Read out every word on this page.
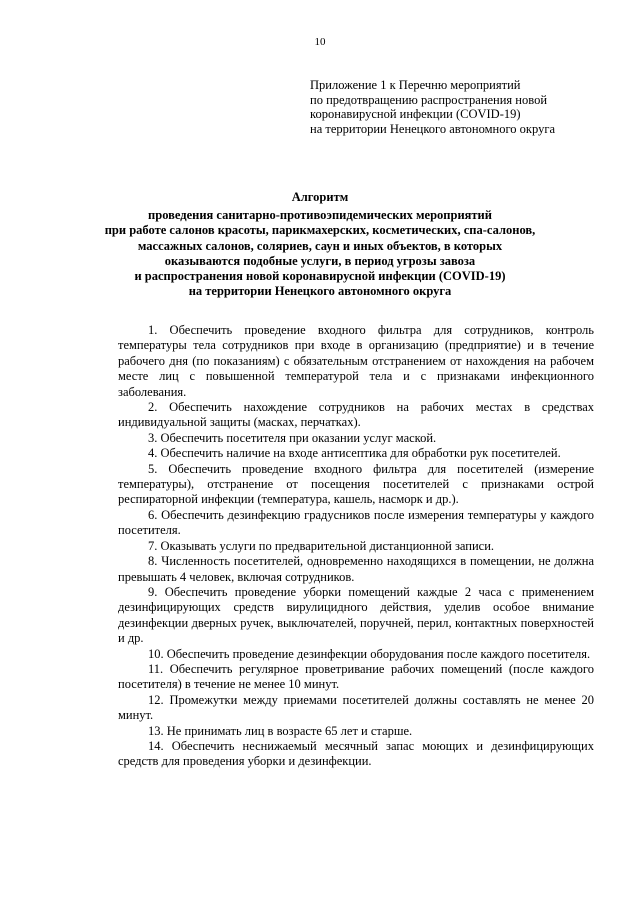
10
Приложение 1 к Перечню мероприятий
по предотвращению распространения новой
коронавирусной инфекции (COVID-19)
на территории Ненецкого автономного округа
Алгоритм
проведения санитарно-противоэпидемических мероприятий
при работе салонов красоты, парикмахерских, косметических, спа-салонов,
массажных салонов, соляриев, саун и иных объектов, в которых
оказываются подобные услуги, в период угрозы завоза
и распространения новой коронавирусной инфекции (COVID-19)
на территории Ненецкого автономного округа

1. Обеспечить проведение входного фильтра для сотрудников, контроль температуры тела сотрудников при входе в организацию (предприятие) и в течение рабочего дня (по показаниям) с обязательным отстранением от нахождения на рабочем месте лиц с повышенной температурой тела и с признаками инфекционного заболевания.

2. Обеспечить нахождение сотрудников на рабочих местах в средствах индивидуальной защиты (масках, перчатках).

3. Обеспечить посетителя при оказании услуг маской.

4. Обеспечить наличие на входе антисептика для обработки рук посетителей.

5. Обеспечить проведение входного фильтра для посетителей (измерение температуры), отстранение от посещения посетителей с признаками острой респираторной инфекции (температура, кашель, насморк и др.).

6. Обеспечить дезинфекцию градусников после измерения температуры у каждого посетителя.

7. Оказывать услуги по предварительной дистанционной записи.

8. Численность посетителей, одновременно находящихся в помещении, не должна превышать 4 человек, включая сотрудников.

9. Обеспечить проведение уборки помещений каждые 2 часа с применением дезинфицирующих средств вирулицидного действия, уделив особое внимание дезинфекции дверных ручек, выключателей, поручней, перил, контактных поверхностей и др.

10. Обеспечить проведение дезинфекции оборудования после каждого посетителя.

11. Обеспечить регулярное проветривание рабочих помещений (после каждого посетителя) в течение не менее 10 минут.

12. Промежутки между приемами посетителей должны составлять не менее 20 минут.

13. Не принимать лиц в возрасте 65 лет и старше.

14. Обеспечить неснижаемый месячный запас моющих и дезинфицирующих средств для проведения уборки и дезинфекции.
